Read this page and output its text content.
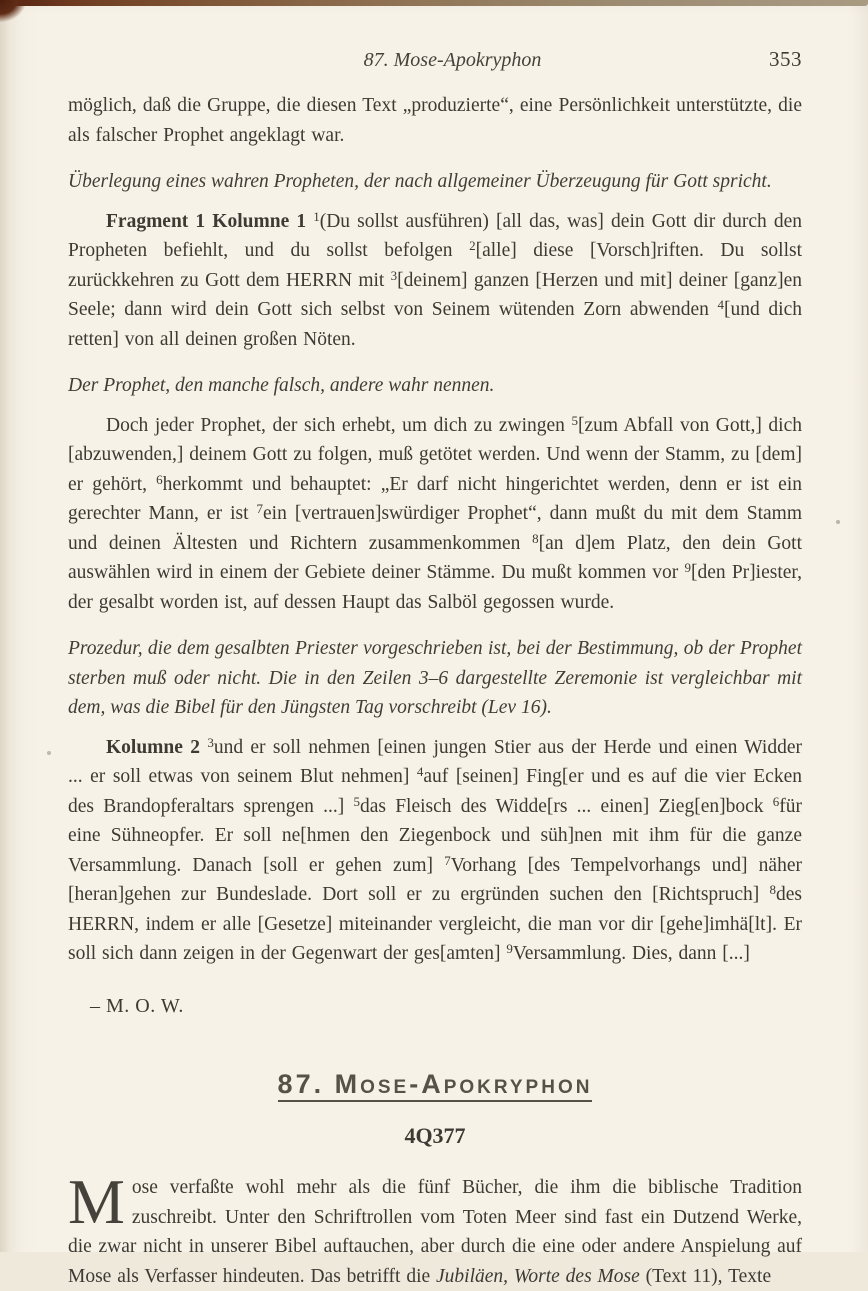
87. Mose-Apokryphon	353

möglich, daß die Gruppe, die diesen Text „produzierte“, eine Persönlichkeit unterstützte, die als falscher Prophet angeklagt war.

Überlegung eines wahren Propheten, der nach allgemeiner Überzeugung für Gott spricht.

Fragment 1 Kolumne 1 $^1$(Du sollst ausführen) [all das, was] dein Gott dir durch den Propheten befiehlt, und du sollst befolgen $^2$[alle] diese [Vorsch]riften. Du sollst zurückkehren zu Gott dem HERRN mit $^3$[deinem] ganzen [Herzen und mit] deiner [ganz]en Seele; dann wird dein Gott sich selbst von Seinem wütenden Zorn abwenden $^4$[und dich retten] von all deinen großen Nöten.

Der Prophet, den manche falsch, andere wahr nennen.

Doch jeder Prophet, der sich erhebt, um dich zu zwingen $^5$[zum Abfall von Gott,] dich [abzuwenden,] deinem Gott zu folgen, muß getötet werden. Und wenn der Stamm, zu [dem] er gehört, $^6$herkommt und behauptet: „Er darf nicht hingerichtet werden, denn er ist ein gerechter Mann, er ist $^7$ein [vertrauen]swürdiger Prophet“, dann mußt du mit dem Stamm und deinen Ältesten und Richtern zusammenkommen $^8$[an d]em Platz, den dein Gott auswählen wird in einem der Gebiete deiner Stämme. Du mußt kommen vor $^9$[den Pr]iester, der gesalbt worden ist, auf dessen Haupt das Salböl gegossen wurde.

Prozedur, die dem gesalbten Priester vorgeschrieben ist, bei der Bestimmung, ob der Prophet sterben muß oder nicht. Die in den Zeilen 3–6 dargestellte Zeremonie ist vergleichbar mit dem, was die Bibel für den Jüngsten Tag vorschreibt (Lev 16).

Kolumne 2 $^3$und er soll nehmen [einen jungen Stier aus der Herde und einen Widder ... er soll etwas von seinem Blut nehmen] $^4$auf [seinen] Fing[er und es auf die vier Ecken des Brandopferaltars sprengen ...] $^5$das Fleisch des Widde[rs ... einen] Zieg[en]bock $^6$für eine Sühneopfer. Er soll ne[hmen den Ziegenbock und süh]nen mit ihm für die ganze Versammlung. Danach [soll er gehen zum] $^7$Vorhang [des Tempelvorhangs und] näher [heran]gehen zur Bundeslade. Dort soll er zu ergründen suchen den [Richtspruch] $^8$des HERRN, indem er alle [Gesetze] miteinander vergleicht, die man vor dir [gehe]imhä[lt]. Er soll sich dann zeigen in der Gegenwart der ges[amten] $^9$Versammlung. Dies, dann [...]

– M. O. W.

87. Mose-Apokryphon

4Q377

Mose verfaßte wohl mehr als die fünf Bücher, die ihm die biblische Tradition zuschreibt. Unter den Schriftrollen vom Toten Meer sind fast ein Dutzend Werke, die zwar nicht in unserer Bibel auftauchen, aber durch die eine oder andere Anspielung auf Mose als Verfasser hindeuten. Das betrifft die Jubiläen, Worte des Mose (Text 11), Texte
